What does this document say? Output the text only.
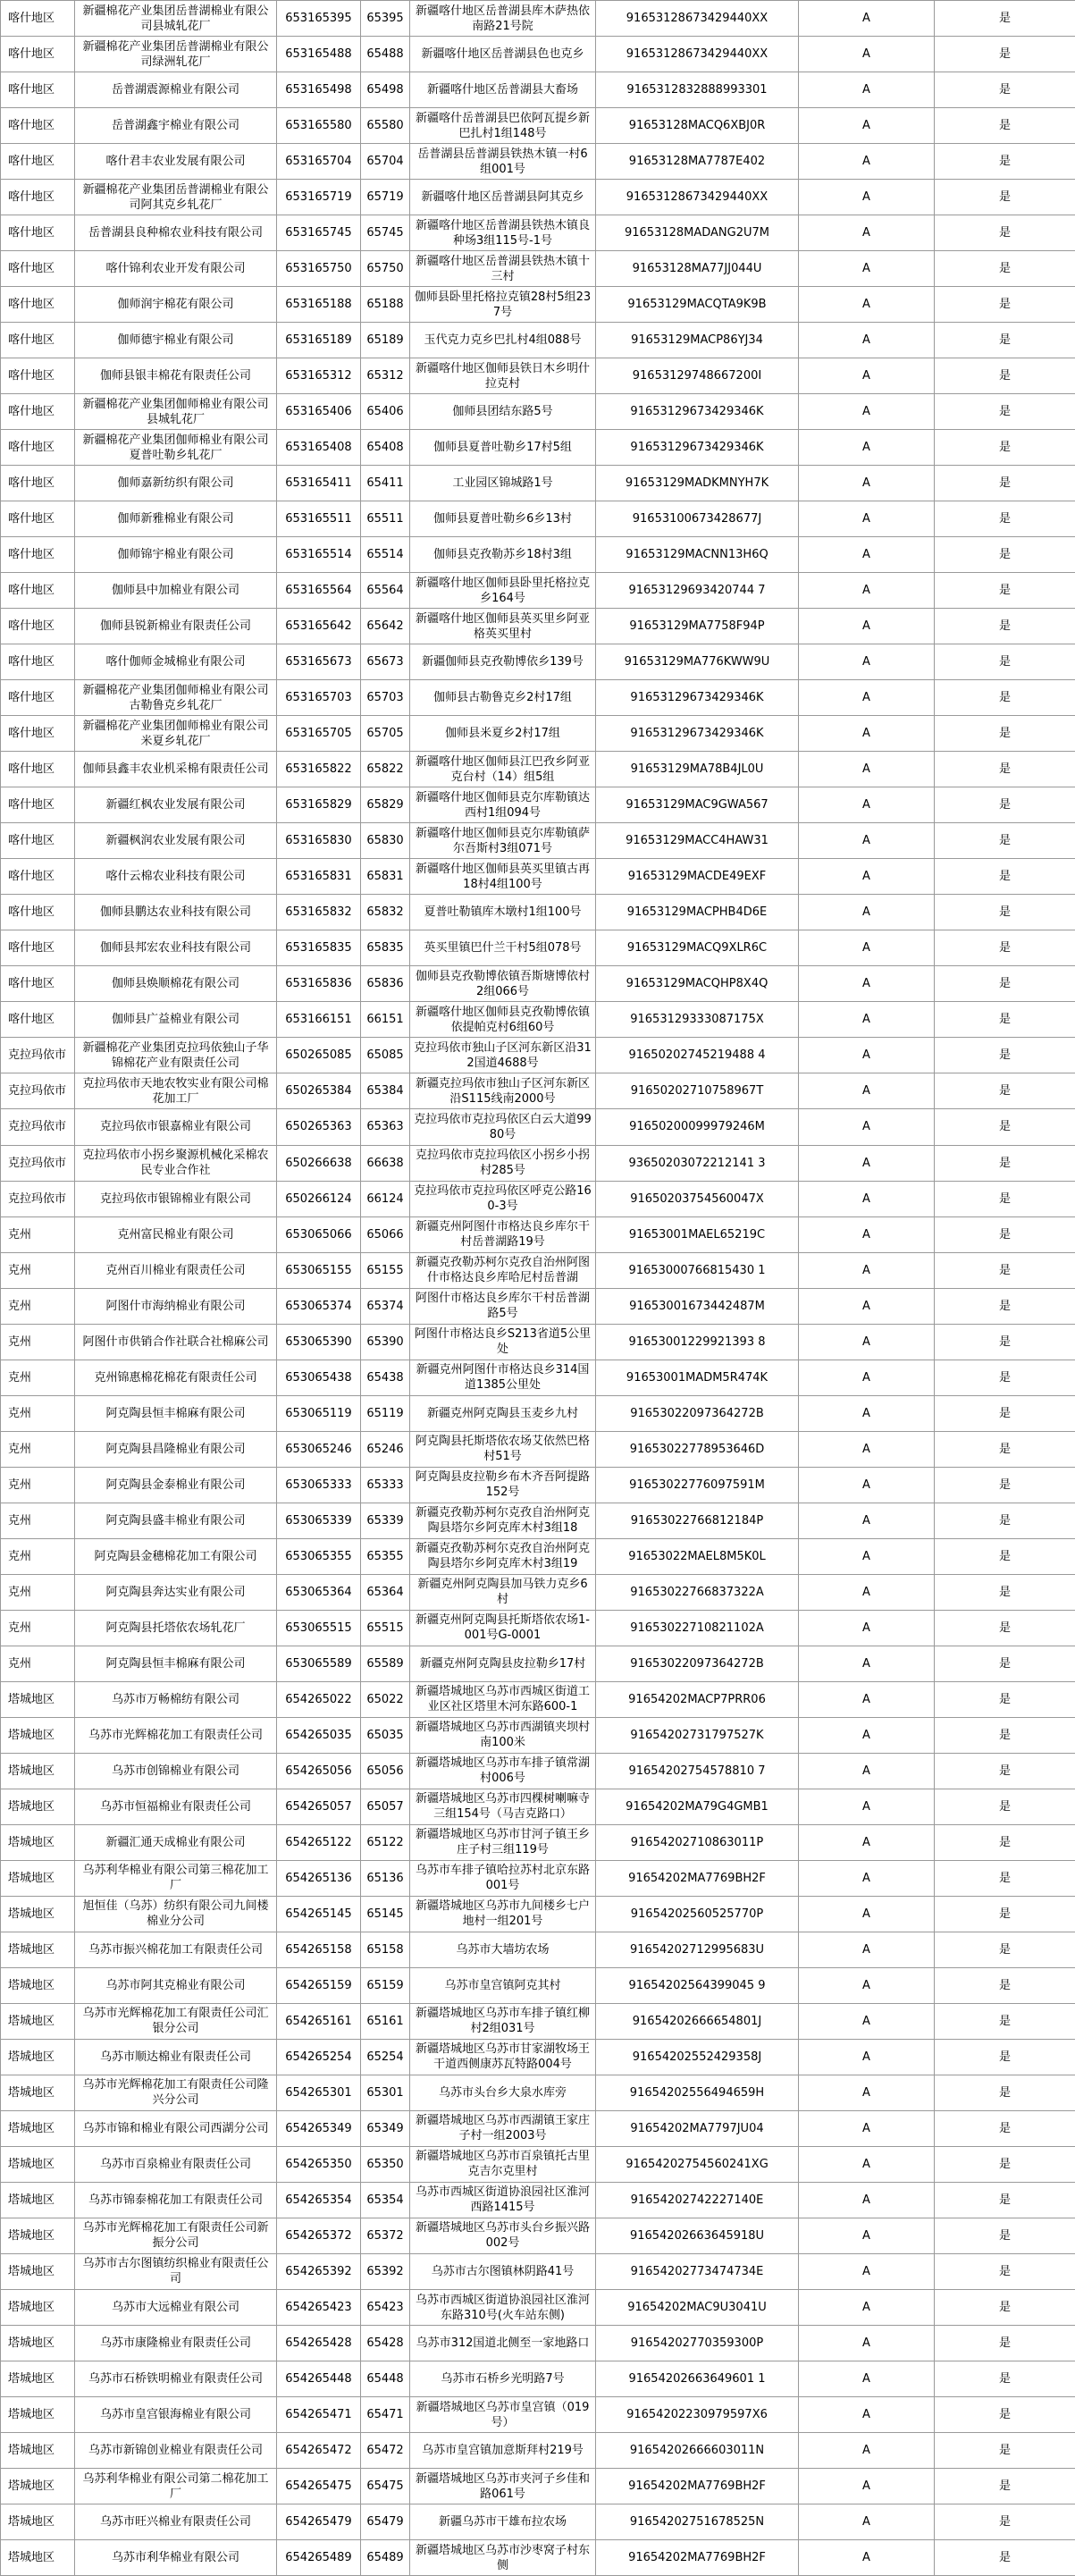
喀什地区	新疆棉花产业集团岳普湖棉业有限公司县城轧花厂	653165395	65395	新疆喀什地区岳普湖县库木萨热依南路21号院	91653128673429440XX	A	是
喀什地区	新疆棉花产业集团岳普湖棉业有限公司绿洲轧花厂	653165488	65488	新疆喀什地区岳普湖县色也克乡	91653128673429440XX	A	是
喀什地区	岳普湖震源棉业有限公司	653165498	65498	新疆喀什地区岳普湖县大畜场	9165312832888993301	A	是
喀什地区	岳普湖鑫宇棉业有限公司	653165580	65580	新疆喀什岳普湖县巴依阿瓦提乡新巴扎村1组148号	91653128MACQ6XBJ0R	A	是
喀什地区	喀什君丰农业发展有限公司	653165704	65704	岳普湖县岳普湖县铁热木镇一村6组001号	91653128MA7787E402	A	是
喀什地区	新疆棉花产业集团岳普湖棉业有限公司阿其克乡轧花厂	653165719	65719	新疆喀什地区岳普湖县阿其克乡	91653128673429440XX	A	是
喀什地区	岳普湖县良种棉农业科技有限公司	653165745	65745	新疆喀什地区岳普湖县铁热木镇良种场3组115号-1号	91653128MADANG2U7M	A	是
喀什地区	喀什锦利农业开发有限公司	653165750	65750	新疆喀什地区岳普湖县铁热木镇十三村	91653128MA77JJ044U	A	是
喀什地区	伽师润宇棉花有限公司	653165188	65188	伽师县卧里托格拉克镇28村5组237号	91653129MACQTA9K9B	A	是
喀什地区	伽师德宇棉业有限公司	653165189	65189	玉代克力克乡巴扎村4组088号	91653129MACP86YJ34	A	是
喀什地区	伽师县银丰棉花有限责任公司	653165312	65312	新疆喀什地区伽师县铁日木乡明什拉克村	91653129748667200I	A	是
喀什地区	新疆棉花产业集团伽师棉业有限公司县城轧花厂	653165406	65406	伽师县团结东路5号	91653129673429346K	A	是
喀什地区	新疆棉花产业集团伽师棉业有限公司夏普吐勒乡轧花厂	653165408	65408	伽师县夏普吐勒乡17村5组	91653129673429346K	A	是
喀什地区	伽师嘉新纺织有限公司	653165411	65411	工业园区锦城路1号	91653129MADKMNYH7K	A	是
喀什地区	伽师新雅棉业有限公司	653165511	65511	伽师县夏普吐勒乡6乡13村	91653100673428677J	A	是
喀什地区	伽师锦宇棉业有限公司	653165514	65514	伽师县克孜勒苏乡18村3组	91653129MACNN13H6Q	A	是
喀什地区	伽师县中加棉业有限公司	653165564	65564	新疆喀什地区伽师县卧里托格拉克乡164号	91653129693420744 7	A	是
喀什地区	伽师县锐新棉业有限责任公司	653165642	65642	新疆喀什地区伽师县英买里乡阿亚格英买里村	91653129MA7758F94P	A	是
喀什地区	喀什伽师金城棉业有限公司	653165673	65673	新疆伽师县克孜勒博依乡139号	91653129MA776KWW9U	A	是
喀什地区	新疆棉花产业集团伽师棉业有限公司古勒鲁克乡轧花厂	653165703	65703	伽师县古勒鲁克乡2村17组	91653129673429346K	A	是
喀什地区	新疆棉花产业集团伽师棉业有限公司米夏乡轧花厂	653165705	65705	伽师县米夏乡2村17组	91653129673429346K	A	是
喀什地区	伽师县鑫丰农业机采棉有限责任公司	653165822	65822	新疆喀什地区伽师县江巴孜乡阿亚克台村（14）组5组	91653129MA78B4JL0U	A	是
喀什地区	新疆红枫农业发展有限公司	653165829	65829	新疆喀什地区伽师县克尔库勒镇达西村1组094号	91653129MAC9GWA567	A	是
喀什地区	新疆枫润农业发展有限公司	653165830	65830	新疆喀什地区伽师县克尔库勒镇萨尔吾斯村3组071号	91653129MACC4HAW31	A	是
喀什地区	喀什云棉农业科技有限公司	653165831	65831	新疆喀什地区伽师县英买里镇古再18村4组100号	91653129MACDE49EXF	A	是
喀什地区	伽师县鹏达农业科技有限公司	653165832	65832	夏普吐勒镇库木墩村1组100号	91653129MACPHB4D6E	A	是
喀什地区	伽师县邦宏农业科技有限公司	653165835	65835	英买里镇巴什兰干村5组078号	91653129MACQ9XLR6C	A	是
喀什地区	伽师县焕顺棉花有限公司	653165836	65836	伽师县克孜勒博依镇吾斯塘博依村2组066号	91653129MACQHP8X4Q	A	是
喀什地区	伽师县广益棉业有限公司	653166151	66151	新疆喀什地区伽师县克孜勒博依镇依提帕克村6组60号	91653129333087175X	A	是
克拉玛依市	新疆棉花产业集团克拉玛依独山子华锦棉花产业有限责任公司	650265085	65085	克拉玛依市独山子区河东新区沿312国道4688号	91650202745219488 4	A	是
克拉玛依市	克拉玛依市天地农牧实业有限公司棉花加工厂	650265384	65384	新疆克拉玛依市独山子区河东新区沿S115线南2000号	91650202710758967T	A	是
克拉玛依市	克拉玛依市银嘉棉业有限公司	650265363	65363	克拉玛依市克拉玛依区白云大道9980号	91650200099979246M	A	是
克拉玛依市	克拉玛依市小拐乡聚源机械化采棉农民专业合作社	650266638	66638	克拉玛依市克拉玛依区小拐乡小拐村285号	93650203072212141 3	A	是
克拉玛依市	克拉玛依市银锦棉业有限公司	650266124	66124	克拉玛依市克拉玛依区呼克公路160-3号	91650203754560047X	A	是
克州	克州富民棉业有限公司	653065066	65066	新疆克州阿图什市格达良乡库尔干村岳普湖路19号	91653001MAEL65219C	A	是
克州	克州百川棉业有限责任公司	653065155	65155	新疆克孜勒苏柯尔克孜自治州阿图什市格达良乡库哈尼村岳普湖	91653000766815430 1	A	是
克州	阿图什市海纳棉业有限公司	653065374	65374	阿图什市格达良乡库尔干村岳普湖路5号	91653001673442487M	A	是
克州	阿图什市供销合作社联合社棉麻公司	653065390	65390	阿图什市格达良乡S213省道5公里处	91653001229921393 8	A	是
克州	克州锦惠棉花棉花有限责任公司	653065438	65438	新疆克州阿图什市格达良乡314国道1385公里处	91653001MADM5R474K	A	是
克州	阿克陶县恒丰棉麻有限公司	653065119	65119	新疆克州阿克陶县玉麦乡九村	91653022097364272B	A	是
克州	阿克陶县昌隆棉业有限公司	653065246	65246	阿克陶县托斯塔依农场艾依然巴格村51号	91653022778953646D	A	是
克州	阿克陶县金泰棉业有限公司	653065333	65333	阿克陶县皮拉勒乡布木齐吾阿提路152号	91653022776097591M	A	是
克州	阿克陶县盛丰棉业有限公司	653065339	65339	新疆克孜勒苏柯尔克孜自治州阿克陶县塔尔乡阿克库木村3组18	91653022766812184P	A	是
克州	阿克陶县金穗棉花加工有限公司	653065355	65355	新疆克孜勒苏柯尔克孜自治州阿克陶县塔尔乡阿克库木村3组19	91653022MAEL8M5K0L	A	是
克州	阿克陶县奔达实业有限公司	653065364	65364	新疆克州阿克陶县加马铁力克乡6村	91653022766837322A	A	是
克州	阿克陶县托塔依农场轧花厂	653065515	65515	新疆克州阿克陶县托斯塔依农场1-001号G-0001	91653022710821102A	A	是
克州	阿克陶县恒丰棉麻有限公司	653065589	65589	新疆克州阿克陶县皮拉勒乡17村	91653022097364272B	A	是
塔城地区	乌苏市万畅棉纺有限公司	654265022	65022	新疆塔城地区乌苏市西城区街道工业区社区塔里木河东路600-1	91654202MACP7PRR06	A	是
塔城地区	乌苏市光辉棉花加工有限责任公司	654265035	65035	新疆塔城地区乌苏市西湖镇夹坝村南100米	91654202731797527K	A	是
塔城地区	乌苏市创锦棉业有限公司	654265056	65056	新疆塔城地区乌苏市车排子镇常湖村006号	91654202754578810 7	A	是
塔城地区	乌苏市恒福棉业有限责任公司	654265057	65057	新疆塔城地区乌苏市四棵树喇嘛寺三组154号（马吉克路口）	91654202MA79G4GMB1	A	是
塔城地区	新疆汇通天成棉业有限公司	654265122	65122	新疆塔城地区乌苏市甘河子镇王乡庄子村三组119号	91654202710863011P	A	是
塔城地区	乌苏利华棉业有限公司第三棉花加工厂	654265136	65136	乌苏市车排子镇哈拉苏村北京东路001号	91654202MA7769BH2F	A	是
塔城地区	旭恒佳（乌苏）纺织有限公司九间楼棉业分公司	654265145	65145	新疆塔城地区乌苏市九间楼乡七户地村一组201号	91654202560525770P	A	是
塔城地区	乌苏市振兴棉花加工有限责任公司	654265158	65158	乌苏市大墙坊农场	91654202712995683U	A	是
塔城地区	乌苏市阿其克棉业有限公司	654265159	65159	乌苏市皇宫镇阿克其村	91654202564399045 9	A	是
塔城地区	乌苏市光辉棉花加工有限责任公司汇银分公司	654265161	65161	新疆塔城地区乌苏市车排子镇红柳村2组031号	91654202666654801J	A	是
塔城地区	乌苏市顺达棉业有限责任公司	654265254	65254	新疆塔城地区乌苏市甘家湖牧场王干道西侧康苏瓦特路004号	91654202552429358J	A	是
塔城地区	乌苏市光辉棉花加工有限责任公司隆兴分公司	654265301	65301	乌苏市头台乡大泉水库旁	91654202556494659H	A	是
塔城地区	乌苏市锦和棉业有限公司西湖分公司	654265349	65349	新疆塔城地区乌苏市西湖镇王家庄子村一组2003号	91654202MA7797JU04	A	是
塔城地区	乌苏市百泉棉业有限责任公司	654265350	65350	新疆塔城地区乌苏市百泉镇托古里克吉尔克里村	91654202754560241XG	A	是
塔城地区	乌苏市锦泰棉花加工有限责任公司	654265354	65354	乌苏市西城区街道协浪园社区淮河西路1415号	91654202742227140E	A	是
塔城地区	乌苏市光辉棉花加工有限责任公司新振分公司	654265372	65372	新疆塔城地区乌苏市头台乡振兴路002号	91654202663645918U	A	是
塔城地区	乌苏市古尔图镇纺织棉业有限责任公司	654265392	65392	乌苏市古尔图镇林阴路41号	91654202773474734E	A	是
塔城地区	乌苏市大远棉业有限公司	654265423	65423	乌苏市西城区街道协浪园社区淮河东路310号(火车站东侧)	91654202MAC9U3041U	A	是
塔城地区	乌苏市康隆棉业有限责任公司	654265428	65428	乌苏市312国道北侧至一家地路口	91654202770359300P	A	是
塔城地区	乌苏市石桥铁明棉业有限责任公司	654265448	65448	乌苏市石桥乡光明路7号	91654202663649601 1	A	是
塔城地区	乌苏市皇宫银海棉业有限公司	654265471	65471	新疆塔城地区乌苏市皇宫镇（019号）	91654202230979597X6	A	是
塔城地区	乌苏市新锦创业棉业有限责任公司	654265472	65472	乌苏市皇宫镇加意斯拜村219号	91654202666603011N	A	是
塔城地区	乌苏利华棉业有限公司第二棉花加工厂	654265475	65475	新疆塔城地区乌苏市夹河子乡佳和路061号	91654202MA7769BH2F	A	是
塔城地区	乌苏市旺兴棉业有限责任公司	654265479	65479	新疆乌苏市干雄布拉农场	91654202751678525N	A	是
塔城地区	乌苏市利华棉业有限公司	654265489	65489	新疆塔城地区乌苏市沙枣窝子村东侧	91654202MA7769BH2F	A	是
